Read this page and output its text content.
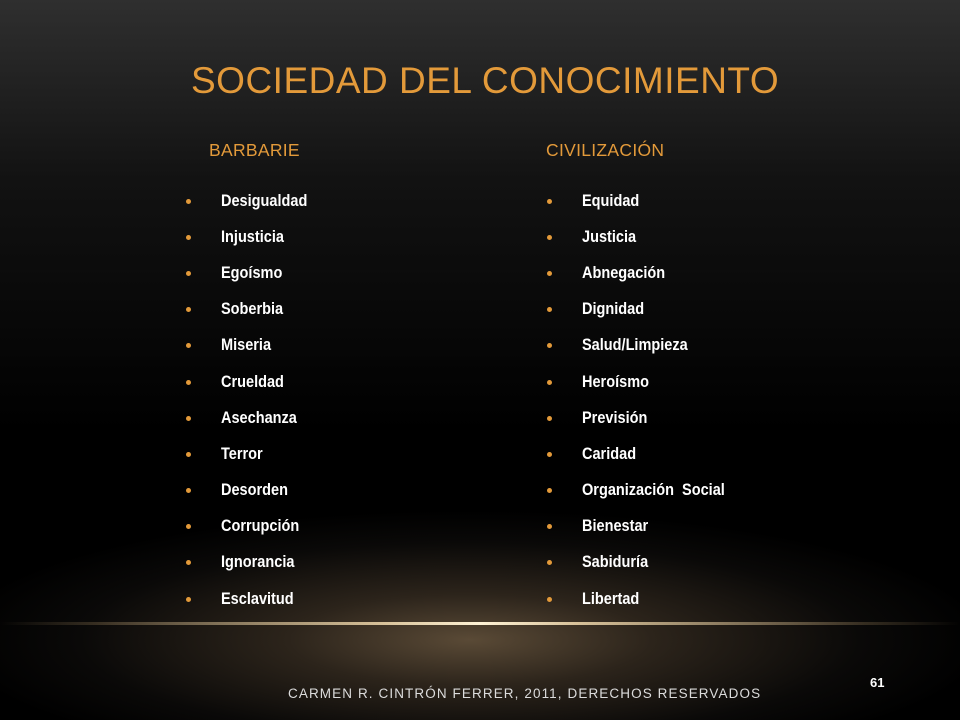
SOCIEDAD DEL CONOCIMIENTO
BARBARIE	CIVILIZACIÓN
Desigualdad
Injusticia
Egoísmo
Soberbia
Miseria
Crueldad
Asechanza
Terror
Desorden
Corrupción
Ignorancia
Esclavitud
Equidad
Justicia
Abnegación
Dignidad
Salud/Limpieza
Heroísmo
Previsión
Caridad
Organización  Social
Bienestar
Sabiduría
Libertad
CARMEN R. CINTRÓN FERRER, 2011, DERECHOS RESERVADOS
61
